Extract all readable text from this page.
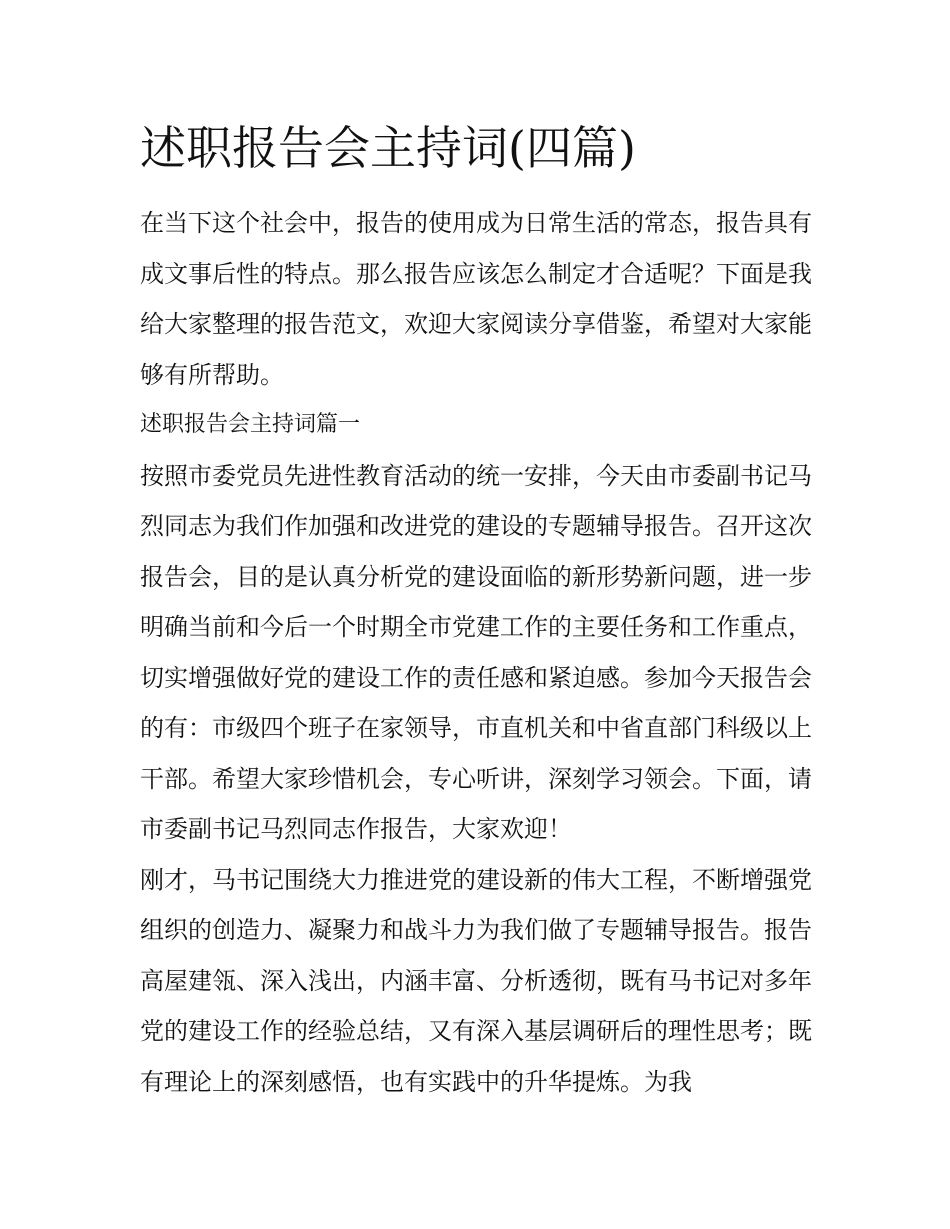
述职报告会主持词(四篇)

在当下这个社会中，报告的使用成为日常生活的常态，报告具有成文事后性的特点。那么报告应该怎么制定才合适呢？下面是我给大家整理的报告范文，欢迎大家阅读分享借鉴，希望对大家能够有所帮助。

述职报告会主持词篇一

按照市委党员先进性教育活动的统一安排，今天由市委副书记马烈同志为我们作加强和改进党的建设的专题辅导报告。召开这次报告会，目的是认真分析党的建设面临的新形势新问题，进一步明确当前和今后一个时期全市党建工作的主要任务和工作重点，切实增强做好党的建设工作的责任感和紧迫感。参加今天报告会的有：市级四个班子在家领导，市直机关和中省直部门科级以上干部。希望大家珍惜机会，专心听讲，深刻学习领会。下面，请市委副书记马烈同志作报告，大家欢迎！

刚才，马书记围绕大力推进党的建设新的伟大工程，不断增强党组织的创造力、凝聚力和战斗力为我们做了专题辅导报告。报告高屋建瓴、深入浅出，内涵丰富、分析透彻，既有马书记对多年党的建设工作的经验总结，又有深入基层调研后的理性思考；既有理论上的深刻感悟，也有实践中的升华提炼。为我
